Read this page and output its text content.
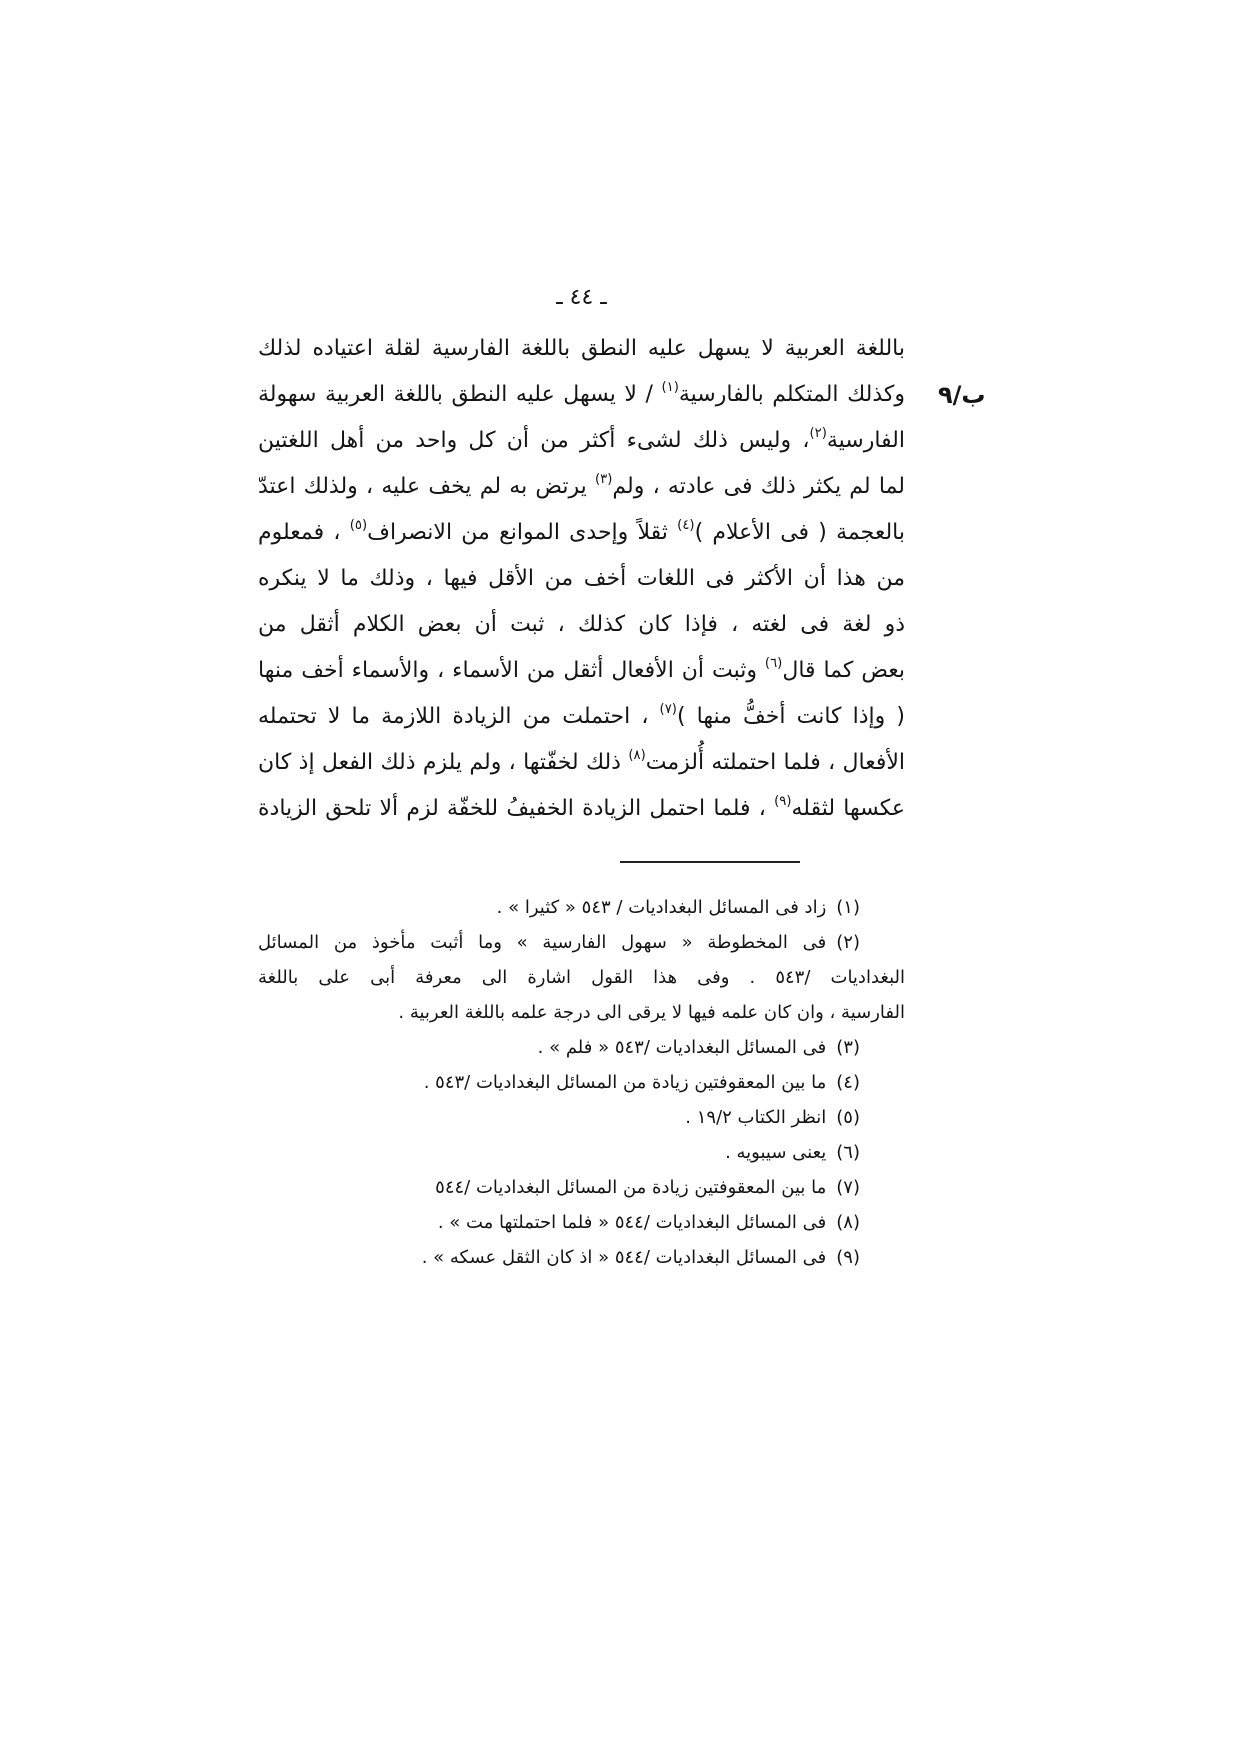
ـ ٤٤ ـ
٩/ب
باللغة العربية لا يسهل عليه النطق باللغة الفارسية لقلة اعتياده لذلك
وكذلك المتكلم بالفارسية$^{(١)}$ / لا يسهل عليه النطق باللغة العربية سهولة
الفارسية$^{(٢)}$، وليس ذلك لشىء أكثر من أن كل واحد من أهل اللغتين
لما لم يكثر ذلك فى عادته ، ولم$^{(٣)}$ يرتض به لم يخف عليه ، ولذلك اعتدّ
بالعجمة ( فى الأعلام )$^{(٤)}$ ثقلاً وإحدى الموانع من الانصراف$^{(٥)}$ ، فمعلوم
من هذا أن الأكثر فى اللغات أخف من الأقل فيها ، وذلك ما لا ينكره
ذو لغة فى لغته ، فإذا كان كذلك ، ثبت أن بعض الكلام أثقل من
بعض كما قال$^{(٦)}$ وثبت أن الأفعال أثقل من الأسماء ، والأسماء أخف منها
( وإذا كانت أخفُّ منها )$^{(٧)}$ ، احتملت من الزيادة اللازمة ما لا تحتمله
الأفعال ، فلما احتملته أُلزمت$^{(٨)}$ ذلك لخفّتها ، ولم يلزم ذلك الفعل إذ كان
عكسها لثقله$^{(٩)}$ ، فلما احتمل الزيادة الخفيفُ للخفّة لزم ألا تلحق الزيادة
(١)زاد فى المسائل البغداديات / ٥٤٣ « كثيرا » .
(٢)فى المخطوطة « سهول الفارسية » وما أثبت مأخوذ من المسائل
البغداديات /٥٤٣ . وفى هذا القول اشارة الى معرفة أبى على باللغة
الفارسية ، وان كان علمه فيها لا يرقى الى درجة علمه باللغة العربية .
(٣)فى المسائل البغداديات /٥٤٣ « فلم » .
(٤)ما بين المعقوفتين زيادة من المسائل البغداديات /٥٤٣ .
(٥)انظر الكتاب ١٩/٢ .
(٦)يعنى سيبويه .
(٧)ما بين المعقوفتين زيادة من المسائل البغداديات /٥٤٤
(٨)فى المسائل البغداديات /٥٤٤ « فلما احتملتها مت » .
(٩)فى المسائل البغداديات /٥٤٤ « اذ كان الثقل عسكه » .
